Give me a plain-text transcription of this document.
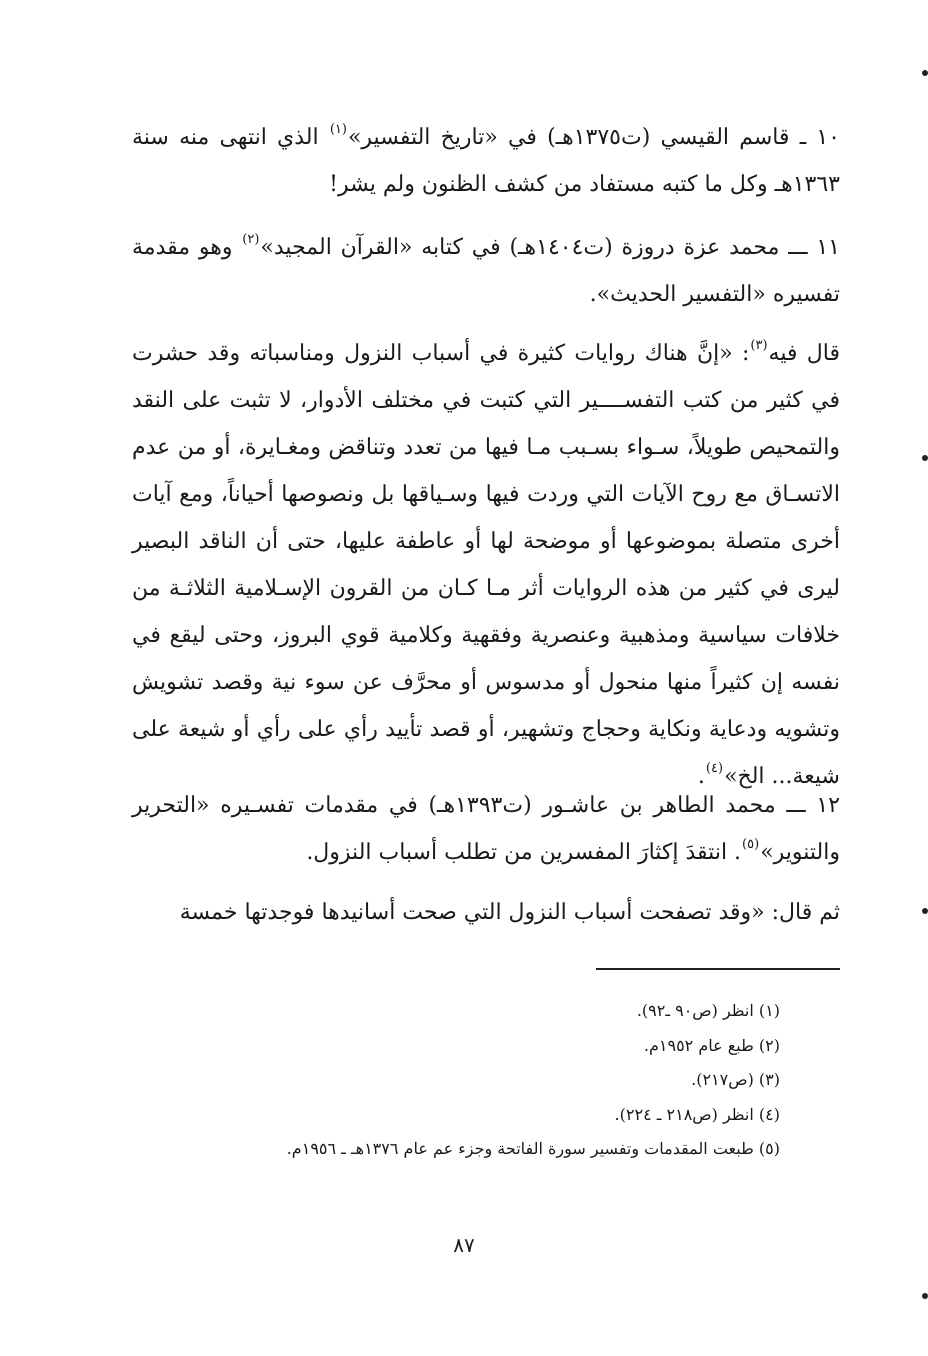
١٠ ـ قاسم القيسي (ت١٣٧٥هـ) في «تاريخ التفسير»$^{(١)}$ الذي انتهى منه سنة ١٣٦٣هـ وكل ما كتبه مستفاد من كشف الظنون ولم يشر!

١١ ـــ محمد عزة دروزة (ت١٤٠٤هـ) في كتابه «القرآن المجيد»$^{(٢)}$ وهو مقدمة تفسيره «التفسير الحديث».

قال فيه$^{(٣)}$: «إنَّ هناك روايات كثيرة في أسباب النزول ومناسباته وقد حشرت في كثير من كتب التفســــير التي كتبت في مختلف الأدوار، لا تثبت على النقد والتمحيص طويلاً، سـواء بسـبب مـا فيها من تعدد وتناقض ومغـايرة، أو من عدم الاتسـاق مع روح الآيات التي وردت فيها وسـياقها بل ونصوصها أحياناً، ومع آيات أخرى متصلة بموضوعها أو موضحة لها أو عاطفة عليها، حتى أن الناقد البصير ليرى في كثير من هذه الروايات أثر مـا كـان من القرون الإسـلامية الثلاثـة من خلافات سياسية ومذهبية وعنصرية وفقهية وكلامية قوي البروز، وحتى ليقع في نفسه إن كثيراً منها منحول أو مدسوس أو محرَّف عن سوء نية وقصد تشويش وتشويه ودعاية ونكاية وحجاج وتشهير، أو قصد تأييد رأي على رأي أو شيعة على شيعة... الخ»$^{(٤)}$.

١٢ ـــ محمد الطاهر بن عاشـور (ت١٣٩٣هـ) في مقدمات تفسـيره «التحرير والتنوير»$^{(٥)}$. انتقدَ إكثارَ المفسرين من تطلب أسباب النزول.

ثم قال: «وقد تصفحت أسباب النزول التي صحت أسانيدها فوجدتها خمسة

(١) انظر (ص٩٠ ـ٩٢).
(٢) طبع عام ١٩٥٢م.
(٣) (ص٢١٧).
(٤) انظر (ص٢١٨ ـ ٢٢٤).
(٥) طبعت المقدمات وتفسير سورة الفاتحة وجزء عم عام ١٣٧٦هـ ـ ١٩٥٦م.
٨٧
